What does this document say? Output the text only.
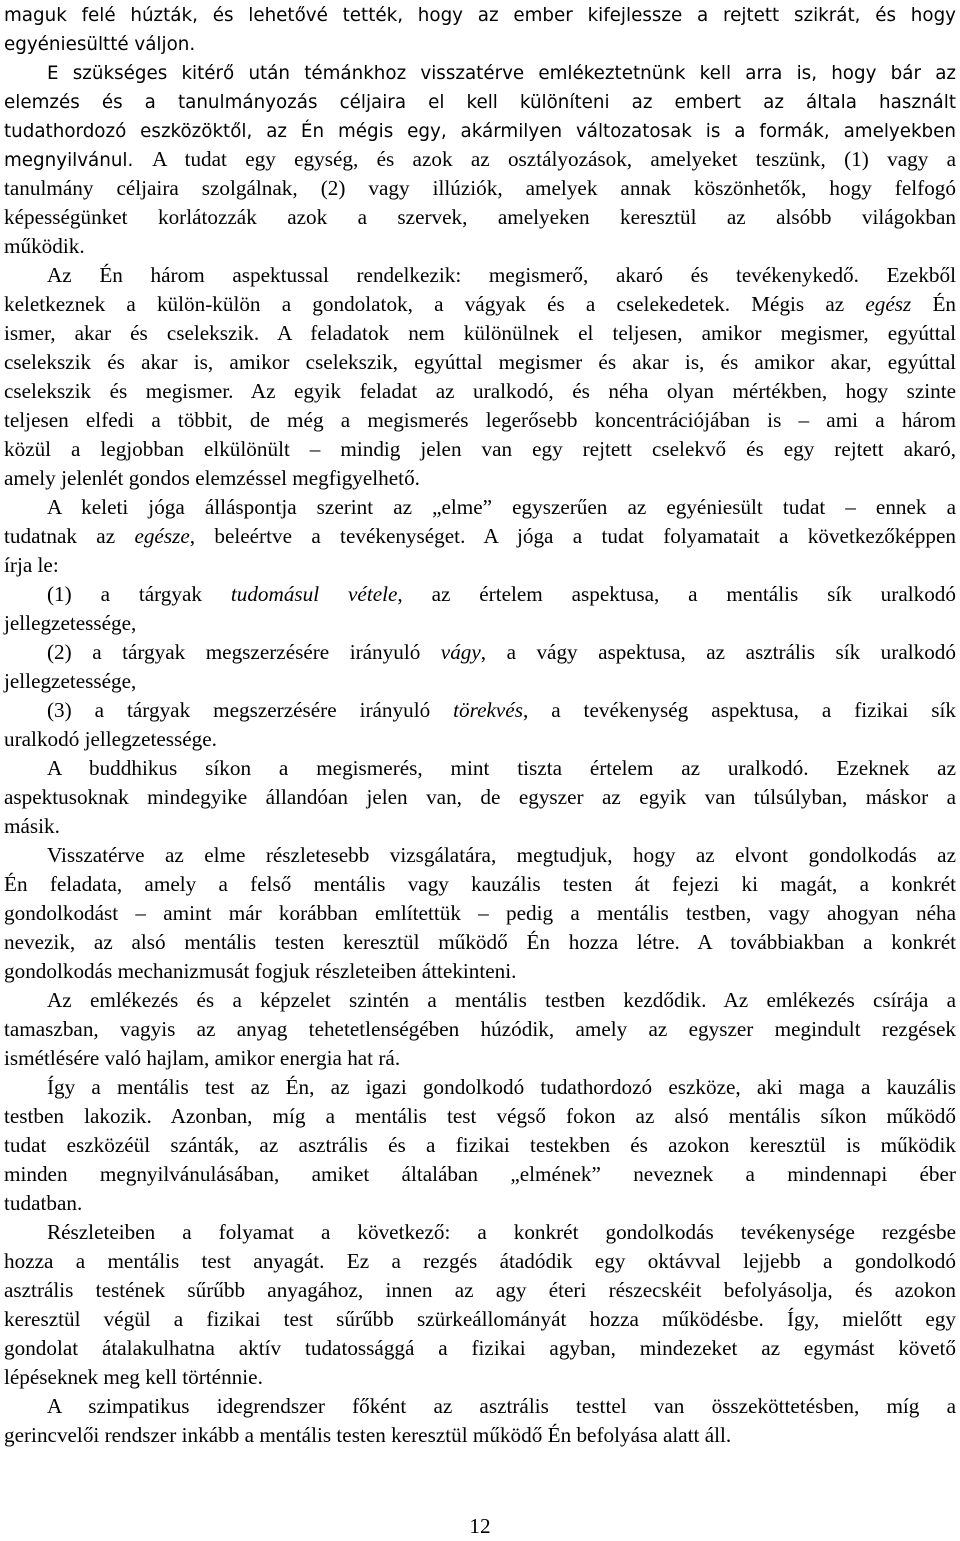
maguk felé húzták, és lehetővé tették, hogy az ember kifejlessze a rejtett szikrát, és hogy
egyéniesültté váljon.
E szükséges kitérő után témánkhoz visszatérve emlékeztetnünk kell arra is, hogy bár az
elemzés és a tanulmányozás céljaira el kell különíteni az embert az általa használt
tudathordozó eszközöktől, az Én mégis egy, akármilyen változatosak is a formák, amelyekben
megnyilvánul. A tudat egy egység, és azok az osztályozások, amelyeket teszünk, (1) vagy a
tanulmány céljaira szolgálnak, (2) vagy illúziók, amelyek annak köszönhetők, hogy felfogó
képességünket korlátozzák azok a szervek, amelyeken keresztül az alsóbb világokban
működik.
Az Én három aspektussal rendelkezik: megismerő, akaró és tevékenykedő. Ezekből
keletkeznek a külön-külön a gondolatok, a vágyak és a cselekedetek. Mégis az egész Én
ismer, akar és cselekszik. A feladatok nem különülnek el teljesen, amikor megismer, egyúttal
cselekszik és akar is, amikor cselekszik, egyúttal megismer és akar is, és amikor akar, egyúttal
cselekszik és megismer. Az egyik feladat az uralkodó, és néha olyan mértékben, hogy szinte
teljesen elfedi a többit, de még a megismerés legerősebb koncentrációjában is – ami a három
közül a legjobban elkülönült – mindig jelen van egy rejtett cselekvő és egy rejtett akaró,
amely jelenlét gondos elemzéssel megfigyelhető.
A keleti jóga álláspontja szerint az „elme” egyszerűen az egyéniesült tudat – ennek a
tudatnak az egésze, beleértve a tevékenységet. A jóga a tudat folyamatait a következőképpen
írja le:
(1) a tárgyak tudomásul vétele, az értelem aspektusa, a mentális sík uralkodó
jellegzetessége,
(2) a tárgyak megszerzésére irányuló vágy, a vágy aspektusa, az asztrális sík uralkodó
jellegzetessége,
(3) a tárgyak megszerzésére irányuló törekvés, a tevékenység aspektusa, a fizikai sík
uralkodó jellegzetessége.
A buddhikus síkon a megismerés, mint tiszta értelem az uralkodó. Ezeknek az
aspektusoknak mindegyike állandóan jelen van, de egyszer az egyik van túlsúlyban, máskor a
másik.
Visszatérve az elme részletesebb vizsgálatára, megtudjuk, hogy az elvont gondolkodás az
Én feladata, amely a felső mentális vagy kauzális testen át fejezi ki magát, a konkrét
gondolkodást – amint már korábban említettük – pedig a mentális testben, vagy ahogyan néha
nevezik, az alsó mentális testen keresztül működő Én hozza létre. A továbbiakban a konkrét
gondolkodás mechanizmusát fogjuk részleteiben áttekinteni.
Az emlékezés és a képzelet szintén a mentális testben kezdődik. Az emlékezés csírája a
tamaszban, vagyis az anyag tehetetlenségében húzódik, amely az egyszer megindult rezgések
ismétlésére való hajlam, amikor energia hat rá.
Így a mentális test az Én, az igazi gondolkodó tudathordozó eszköze, aki maga a kauzális
testben lakozik. Azonban, míg a mentális test végső fokon az alsó mentális síkon működő
tudat eszközéül szánták, az asztrális és a fizikai testekben és azokon keresztül is működik
minden megnyilvánulásában, amiket általában „elmének” neveznek a mindennapi éber
tudatban.
Részleteiben a folyamat a következő: a konkrét gondolkodás tevékenysége rezgésbe
hozza a mentális test anyagát. Ez a rezgés átadódik egy oktávval lejjebb a gondolkodó
asztrális testének sűrűbb anyagához, innen az agy éteri részecskéit befolyásolja, és azokon
keresztül végül a fizikai test sűrűbb szürkeállományát hozza működésbe. Így, mielőtt egy
gondolat átalakulhatna aktív tudatossággá a fizikai agyban, mindezeket az egymást követő
lépéseknek meg kell történnie.
A szimpatikus idegrendszer főként az asztrális testtel van összeköttetésben, míg a
gerincvelői rendszer inkább a mentális testen keresztül működő Én befolyása alatt áll.
12
